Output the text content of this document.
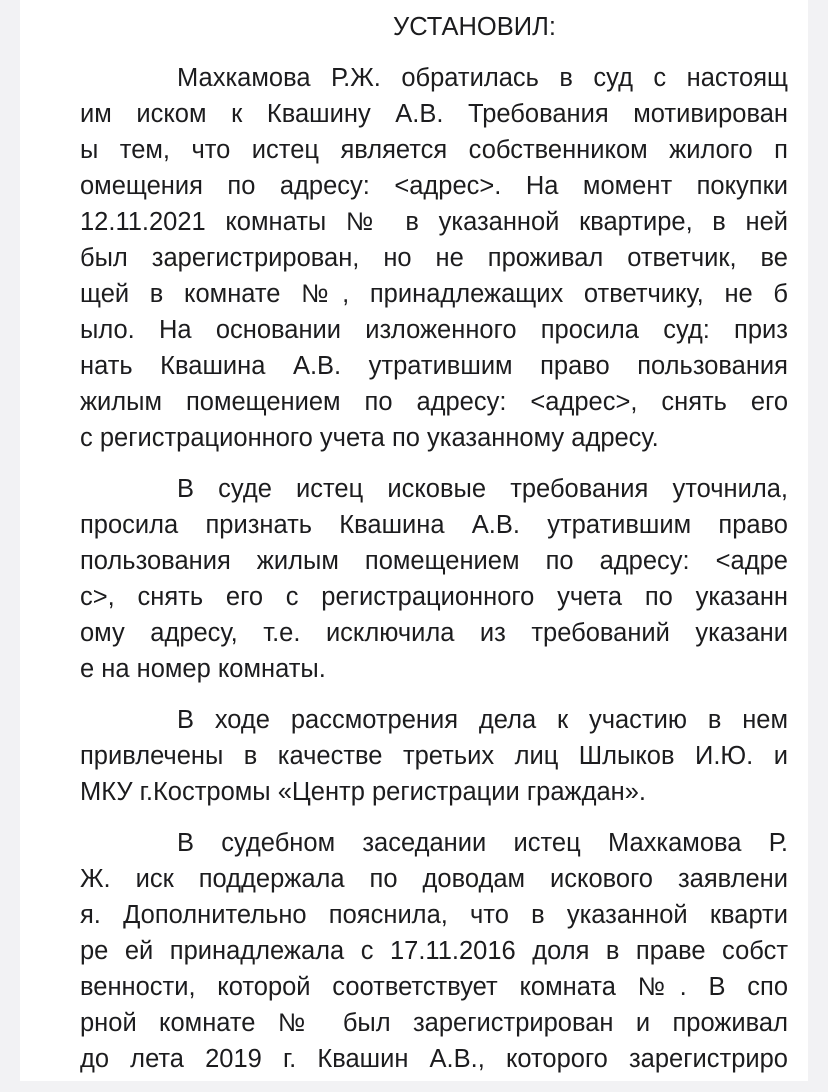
УСТАНОВИЛ:
Махкамова Р.Ж. обратилась в суд с настоящ
им иском к Квашину А.В. Требования мотивирован
ы тем, что истец является собственником жилого п
омещения по адресу: <адрес>. На момент покупки
12.11.2021 комнаты № в указанной квартире, в ней
был зарегистрирован, но не проживал ответчик, ве
щей в комнате №, принадлежащих ответчику, не б
ыло. На основании изложенного просила суд: приз
нать Квашина А.В. утратившим право пользования
жилым помещением по адресу: <адрес>, снять его
с регистрационного учета по указанному адресу.
В суде истец исковые требования уточнила,
просила признать Квашина А.В. утратившим право
пользования жилым помещением по адресу: <адре
с>, снять его с регистрационного учета по указанн
ому адресу, т.е. исключила из требований указани
е на номер комнаты.
В ходе рассмотрения дела к участию в нем
привлечены в качестве третьих лиц Шлыков И.Ю. и
МКУ г.Костромы «Центр регистрации граждан».
В судебном заседании истец Махкамова Р.
Ж. иск поддержала по доводам искового заявлени
я. Дополнительно пояснила, что в указанной кварти
ре ей принадлежала с 17.11.2016 доля в праве собст
венности, которой соответствует комната №. В спо
рной комнате № был зарегистрирован и проживал
до лета 2019 г. Квашин А.В., которого зарегистриро
